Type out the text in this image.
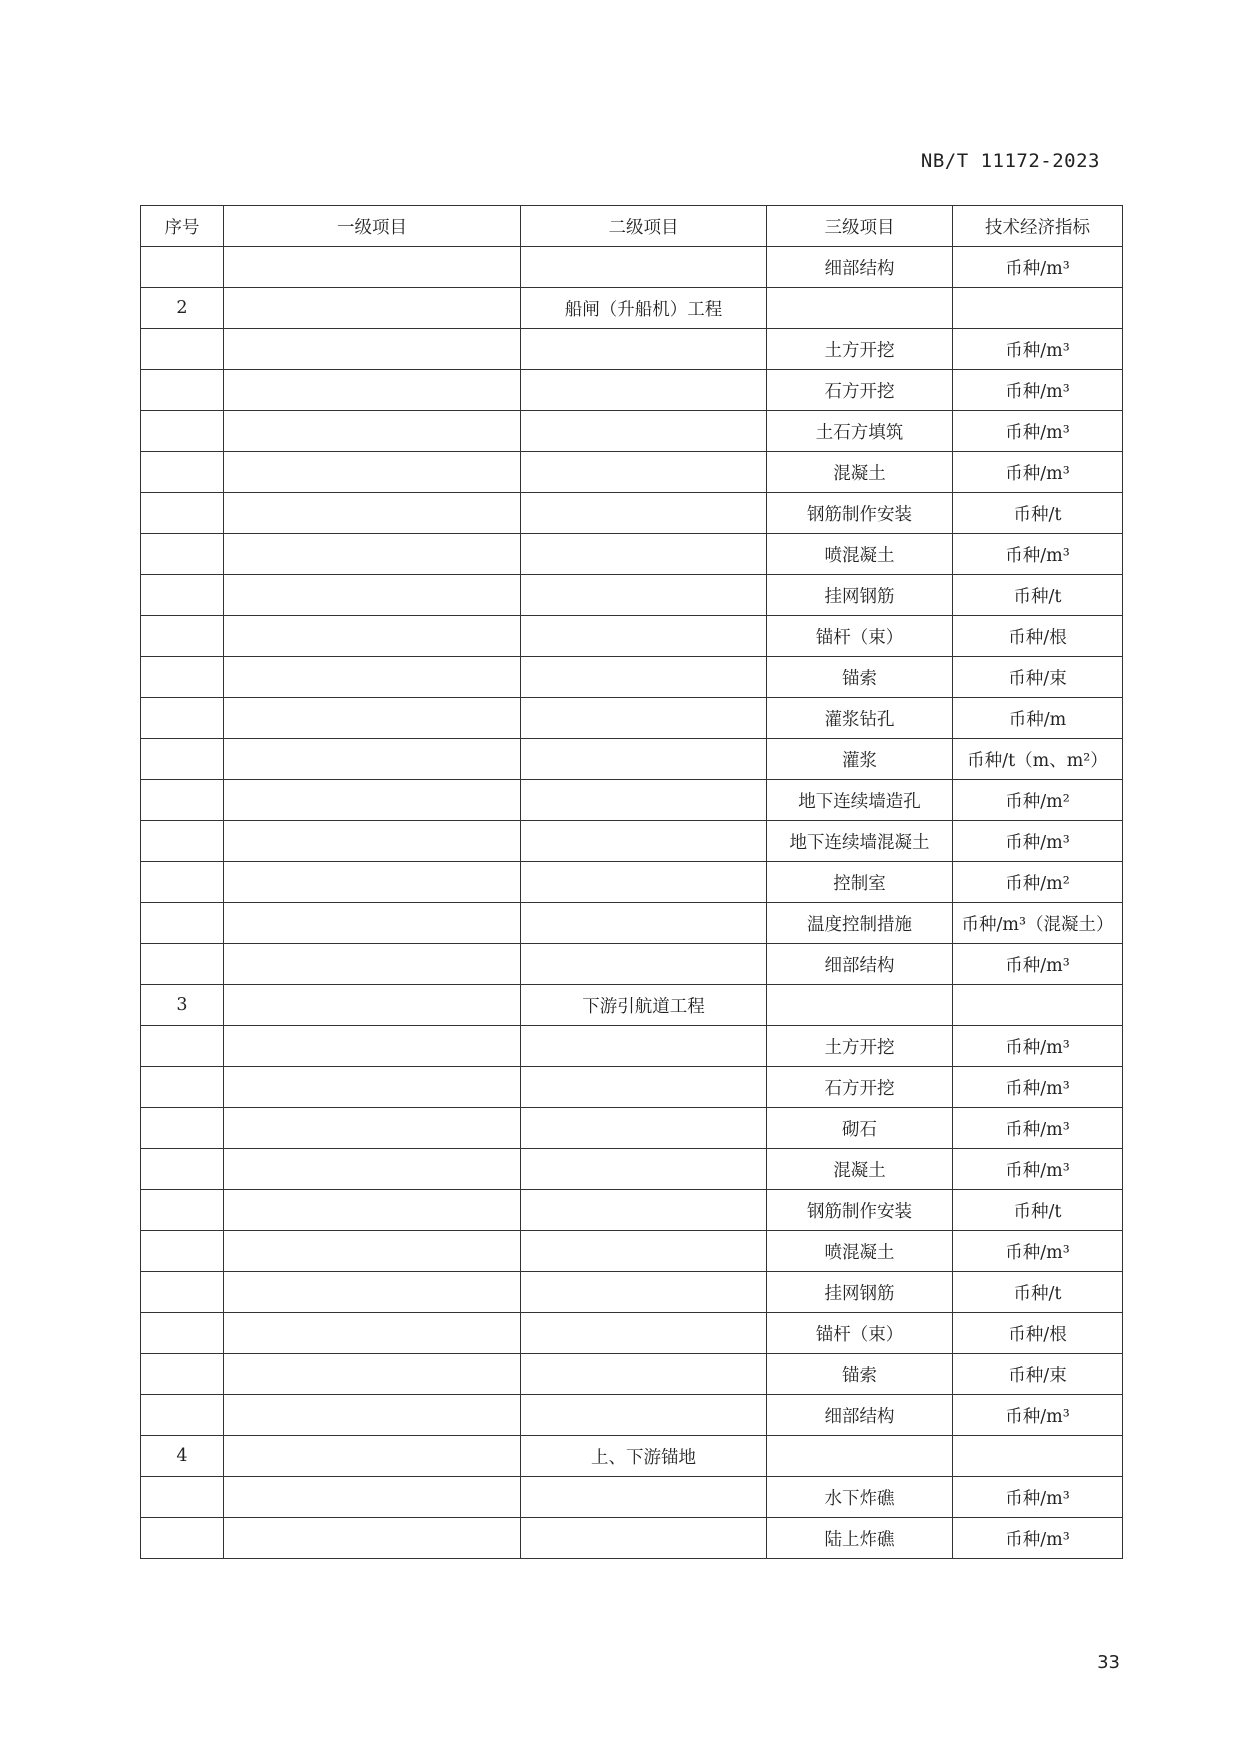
NB/T 11172-2023
序号	一级项目	二级项目	三级项目	技术经济指标
			细部结构	币种/m³
2		船闸（升船机）工程		
			土方开挖	币种/m³
			石方开挖	币种/m³
			土石方填筑	币种/m³
			混凝土	币种/m³
			钢筋制作安装	币种/t
			喷混凝土	币种/m³
			挂网钢筋	币种/t
			锚杆（束）	币种/根
			锚索	币种/束
			灌浆钻孔	币种/m
			灌浆	币种/t（m、m²）
			地下连续墙造孔	币种/m²
			地下连续墙混凝土	币种/m³
			控制室	币种/m²
			温度控制措施	币种/m³（混凝土）
			细部结构	币种/m³
3		下游引航道工程		
			土方开挖	币种/m³
			石方开挖	币种/m³
			砌石	币种/m³
			混凝土	币种/m³
			钢筋制作安装	币种/t
			喷混凝土	币种/m³
			挂网钢筋	币种/t
			锚杆（束）	币种/根
			锚索	币种/束
			细部结构	币种/m³
4		上、下游锚地		
			水下炸礁	币种/m³
			陆上炸礁	币种/m³
33
